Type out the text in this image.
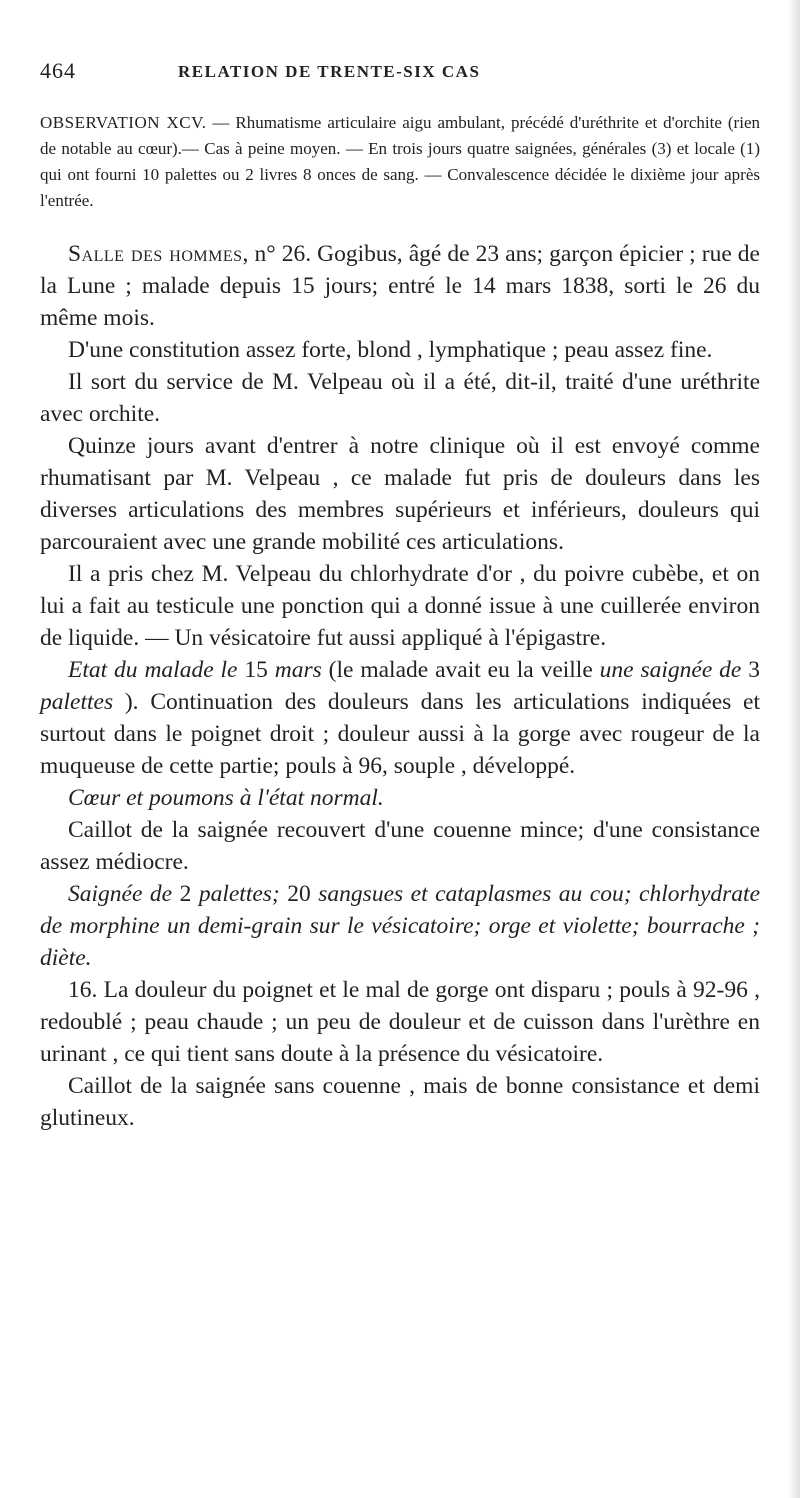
464	RELATION DE TRENTE-SIX CAS

OBSERVATION XCV. — Rhumatisme articulaire aigu ambulant, précédé d'uréthrite et d'orchite (rien de notable au cœur).— Cas à peine moyen. — En trois jours quatre saignées, générales (3) et locale (1) qui ont fourni 10 palettes ou 2 livres 8 onces de sang. — Convalescence décidée le dixième jour après l'entrée.

Salle des hommes, n° 26. Gogibus, âgé de 23 ans; garçon épicier ; rue de la Lune ; malade depuis 15 jours; entré le 14 mars 1838, sorti le 26 du même mois.

D'une constitution assez forte, blond , lymphatique ; peau assez fine.

Il sort du service de M. Velpeau où il a été, dit-il, traité d'une uréthrite avec orchite.

Quinze jours avant d'entrer à notre clinique où il est envoyé comme rhumatisant par M. Velpeau , ce malade fut pris de douleurs dans les diverses articulations des membres supérieurs et inférieurs, douleurs qui parcouraient avec une grande mobilité ces articulations.

Il a pris chez M. Velpeau du chlorhydrate d'or , du poivre cubèbe, et on lui a fait au testicule une ponction qui a donné issue à une cuillerée environ de liquide. — Un vésicatoire fut aussi appliqué à l'épigastre.

Etat du malade le 15 mars (le malade avait eu la veille une saignée de 3 palettes ). Continuation des douleurs dans les articulations indiquées et surtout dans le poignet droit ; douleur aussi à la gorge avec rougeur de la muqueuse de cette partie; pouls à 96, souple , développé.

Cœur et poumons à l'état normal.

Caillot de la saignée recouvert d'une couenne mince; d'une consistance assez médiocre.

Saignée de 2 palettes; 20 sangsues et cataplasmes au cou; chlorhydrate de morphine un demi-grain sur le vésicatoire; orge et violette; bourrache ; diète.

16. La douleur du poignet et le mal de gorge ont disparu ; pouls à 92-96 , redoublé ; peau chaude ; un peu de douleur et de cuisson dans l'urèthre en urinant , ce qui tient sans doute à la présence du vésicatoire.

Caillot de la saignée sans couenne , mais de bonne consistance et demi glutineux.
